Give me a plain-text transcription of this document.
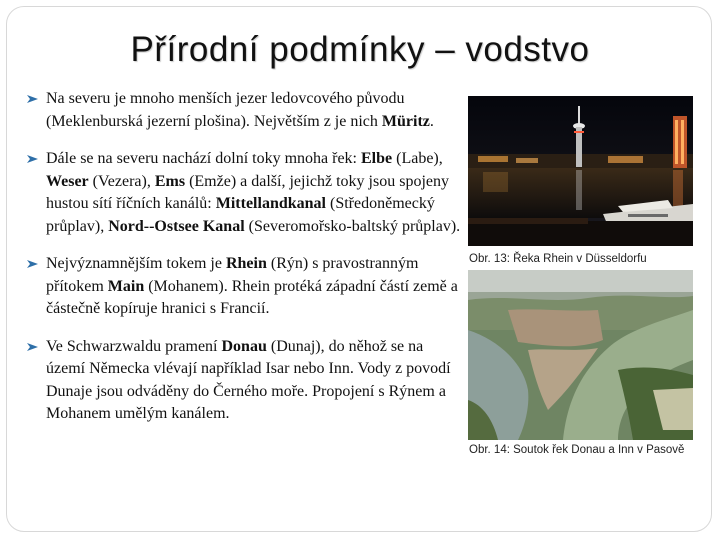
Přírodní podmínky – vodstvo
Na severu je mnoho menších jezer ledovcového původu (Meklenburská jezerní plošina). Největším z je nich Müritz.
Dále se na severu nachází dolní toky mnoha řek: Elbe (Labe), Weser (Vezera), Ems (Emže) a další, jejichž toky jsou spojeny hustou sítí říčních kanálů: Mittellandkanal (Středoněmecký průplav), Nord--Ostsee Kanal (Severomořsko-baltský průplav).
Nejvýznamnějším tokem je Rhein (Rýn) s pravostranným přítokem Main (Mohanem). Rhein protéká západní částí země a částečně kopíruje hranici s Francií.
Ve Schwarzwaldu pramení Donau (Dunaj), do něhož se na území Německa vlévají například Isar nebo Inn. Vody z povodí Dunaje jsou odváděny do Černého moře. Propojení s Rýnem a Mohanem umělým kanálem.
Obr. 13: Řeka Rhein v Düsseldorfu
Obr. 14: Soutok řek Donau a Inn v Pasově
